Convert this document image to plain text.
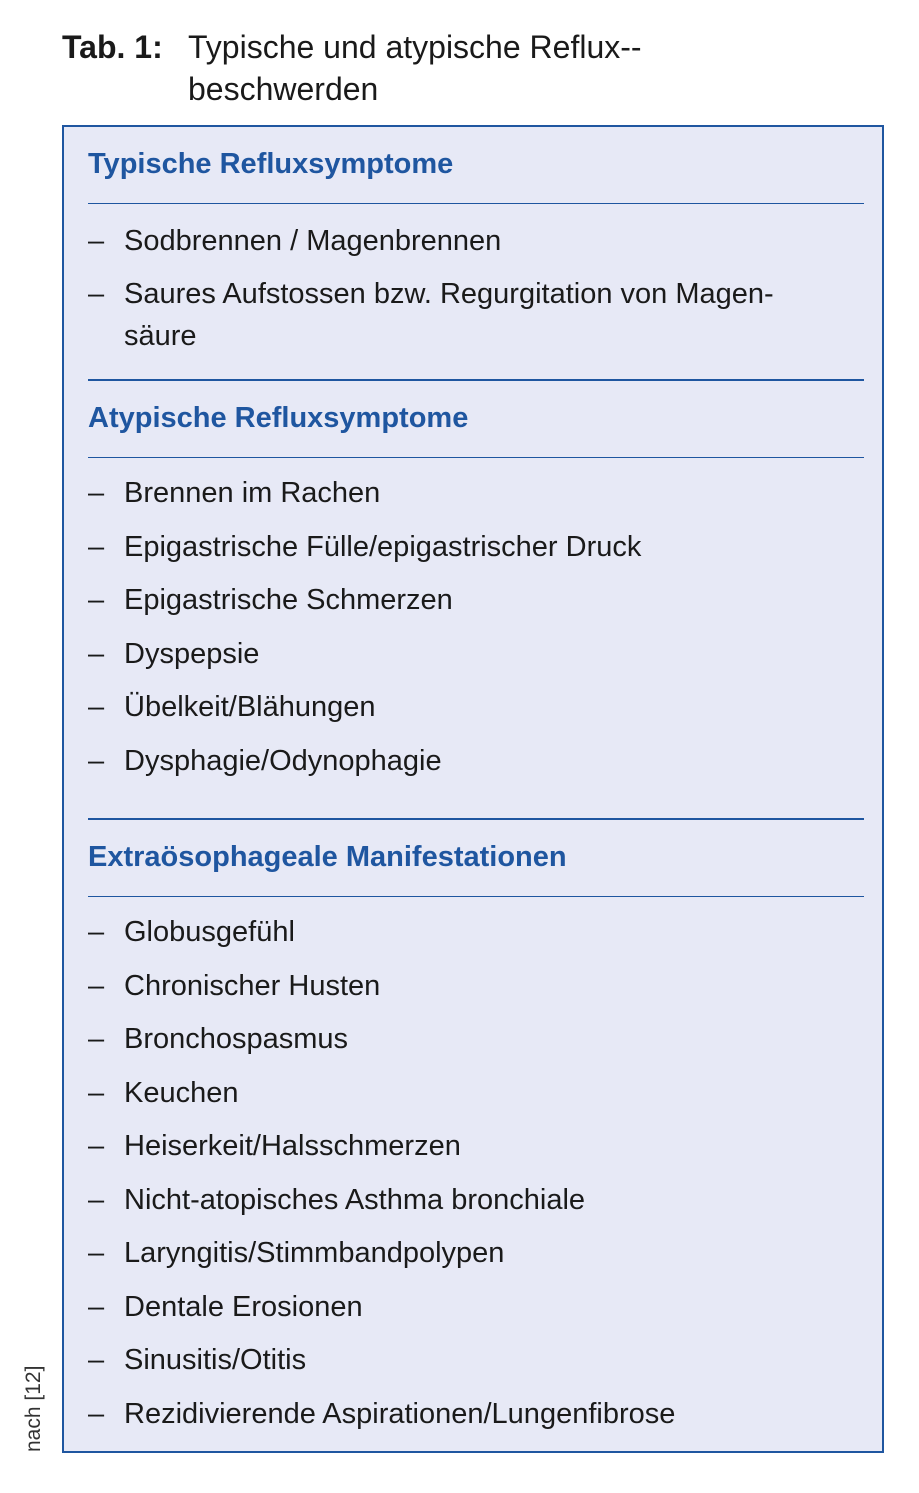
Tab. 1: Typische und atypische Reflux-beschwerden
Typische Refluxsymptome
– Sodbrennen / Magenbrennen
– Saures Aufstossen bzw. Regurgitation von Magen-säure
Atypische Refluxsymptome
– Brennen im Rachen
– Epigastrische Fülle/epigastrischer Druck
– Epigastrische Schmerzen
– Dyspepsie
– Übelkeit/Blähungen
– Dysphagie/Odynophagie
Extraösophageale Manifestationen
– Globusgefühl
– Chronischer Husten
– Bronchospasmus
– Keuchen
– Heiserkeit/Halsschmerzen
– Nicht-atopisches Asthma bronchiale
– Laryngitis/Stimmbandpolypen
– Dentale Erosionen
– Sinusitis/Otitis
– Rezidivierende Aspirationen/Lungenfibrose
nach [12]
